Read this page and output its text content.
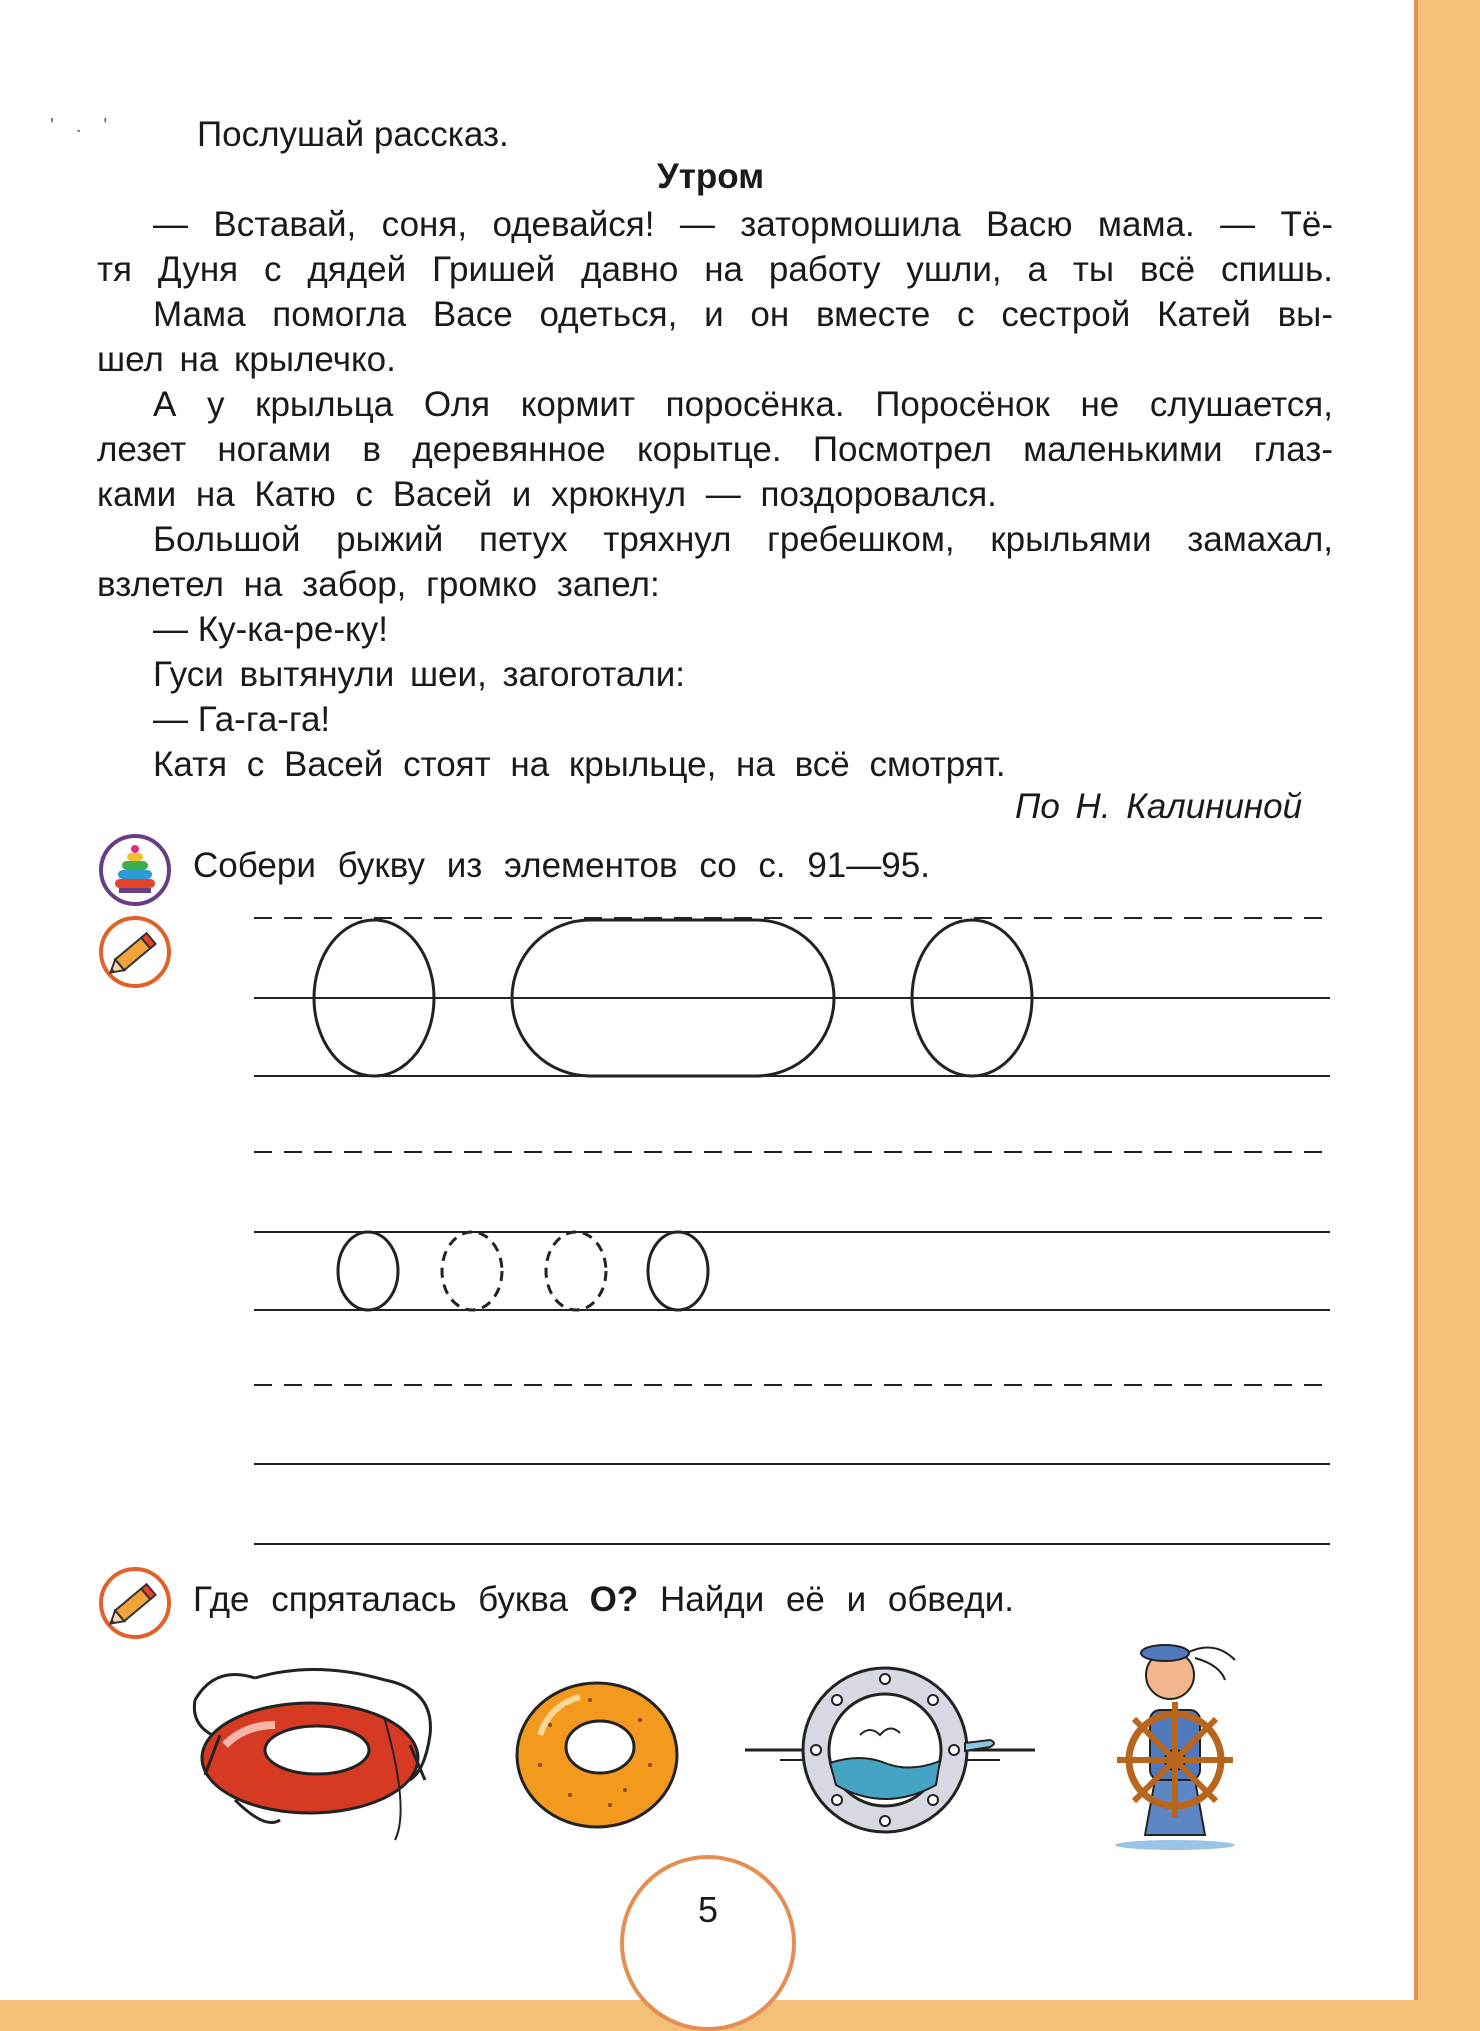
'.' Послушай рассказ.
Утром
— Вставай, соня, одевайся! — затормошила Васю мама. — Тё-
тя Дуня с дядей Гришей давно на работу ушли, а ты всё спишь.
Мама помогла Васе одеться, и он вместе с сестрой Катей вы-
шел на крылечко.
А у крыльца Оля кормит поросёнка. Поросёнок не слушается,
лезет ногами в деревянное корытце. Посмотрел маленькими глаз-
ками на Катю с Васей и хрюкнул — поздоровался.
Большой рыжий петух тряхнул гребешком, крыльями замахал,
взлетел на забор, громко запел:
— Ку-ка-ре-ку!
Гуси вытянули шеи, загоготали:
— Га-га-га!
Катя с Васей стоят на крыльце, на всё смотрят.
По Н. Калининой
Собери букву из элементов со с. 91—95.
Где спряталась буква О? Найди её и обведи.
5
